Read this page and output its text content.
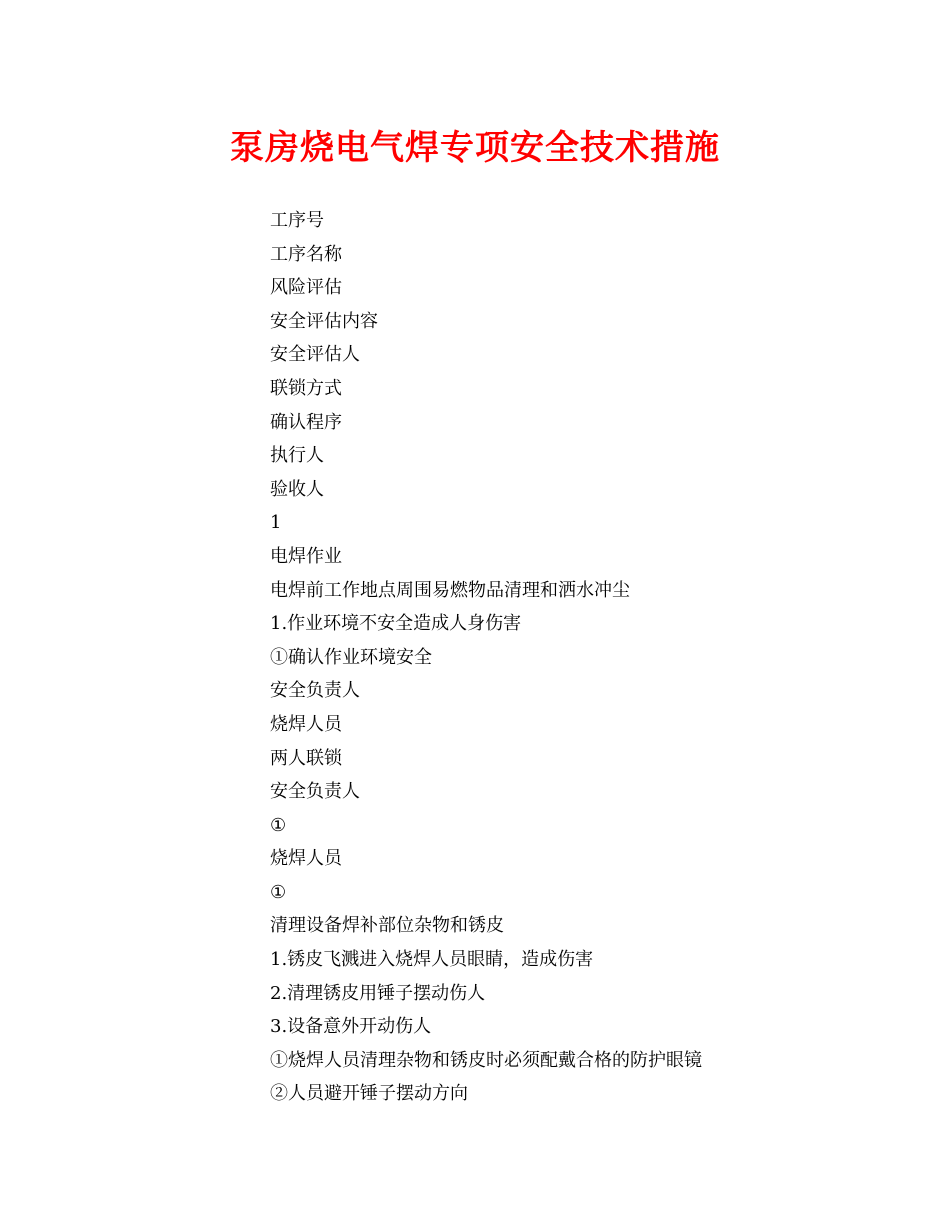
泵房烧电气焊专项安全技术措施
工序号
工序名称
风险评估
安全评估内容
安全评估人
联锁方式
确认程序
执行人
验收人
1
电焊作业
电焊前工作地点周围易燃物品清理和洒水冲尘
1.作业环境不安全造成人身伤害
①确认作业环境安全
安全负责人
烧焊人员
两人联锁
安全负责人
①
烧焊人员
①
清理设备焊补部位杂物和锈皮
1.锈皮飞溅进入烧焊人员眼睛，造成伤害
2.清理锈皮用锤子摆动伤人
3.设备意外开动伤人
①烧焊人员清理杂物和锈皮时必须配戴合格的防护眼镜
②人员避开锤子摆动方向
